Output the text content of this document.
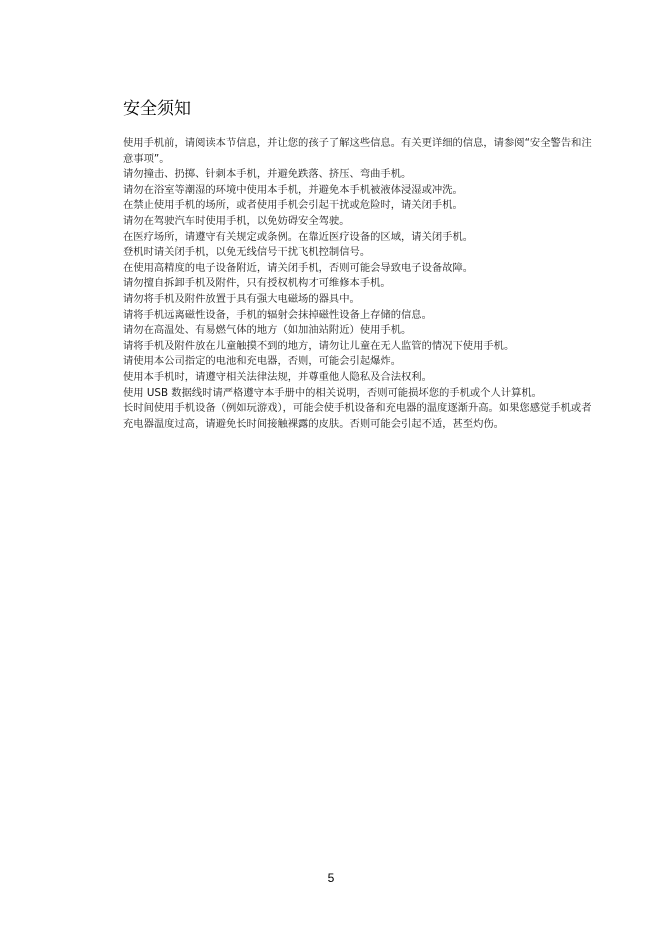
安全须知

使用手机前，请阅读本节信息，并让您的孩子了解这些信息。有关更详细的信息，请参阅“安全警告和注意事项”。

请勿撞击、扔掷、针刺本手机，并避免跌落、挤压、弯曲手机。

请勿在浴室等潮湿的环境中使用本手机，并避免本手机被液体浸湿或冲洗。

在禁止使用手机的场所，或者使用手机会引起干扰或危险时，请关闭手机。

请勿在驾驶汽车时使用手机，以免妨碍安全驾驶。

在医疗场所，请遵守有关规定或条例。在靠近医疗设备的区域，请关闭手机。

登机时请关闭手机，以免无线信号干扰飞机控制信号。

在使用高精度的电子设备附近，请关闭手机，否则可能会导致电子设备故障。

请勿擅自拆卸手机及附件，只有授权机构才可维修本手机。

请勿将手机及附件放置于具有强大电磁场的器具中。

请将手机远离磁性设备，手机的辐射会抹掉磁性设备上存储的信息。

请勿在高温处、有易燃气体的地方（如加油站附近）使用手机。

请将手机及附件放在儿童触摸不到的地方，请勿让儿童在无人监管的情况下使用手机。

请使用本公司指定的电池和充电器，否则，可能会引起爆炸。

使用本手机时，请遵守相关法律法规，并尊重他人隐私及合法权利。

使用 USB 数据线时请严格遵守本手册中的相关说明，否则可能损坏您的手机或个人计算机。

长时间使用手机设备（例如玩游戏），可能会使手机设备和充电器的温度逐渐升高。如果您感觉手机或者充电器温度过高，请避免长时间接触裸露的皮肤。否则可能会引起不适，甚至灼伤。

5
